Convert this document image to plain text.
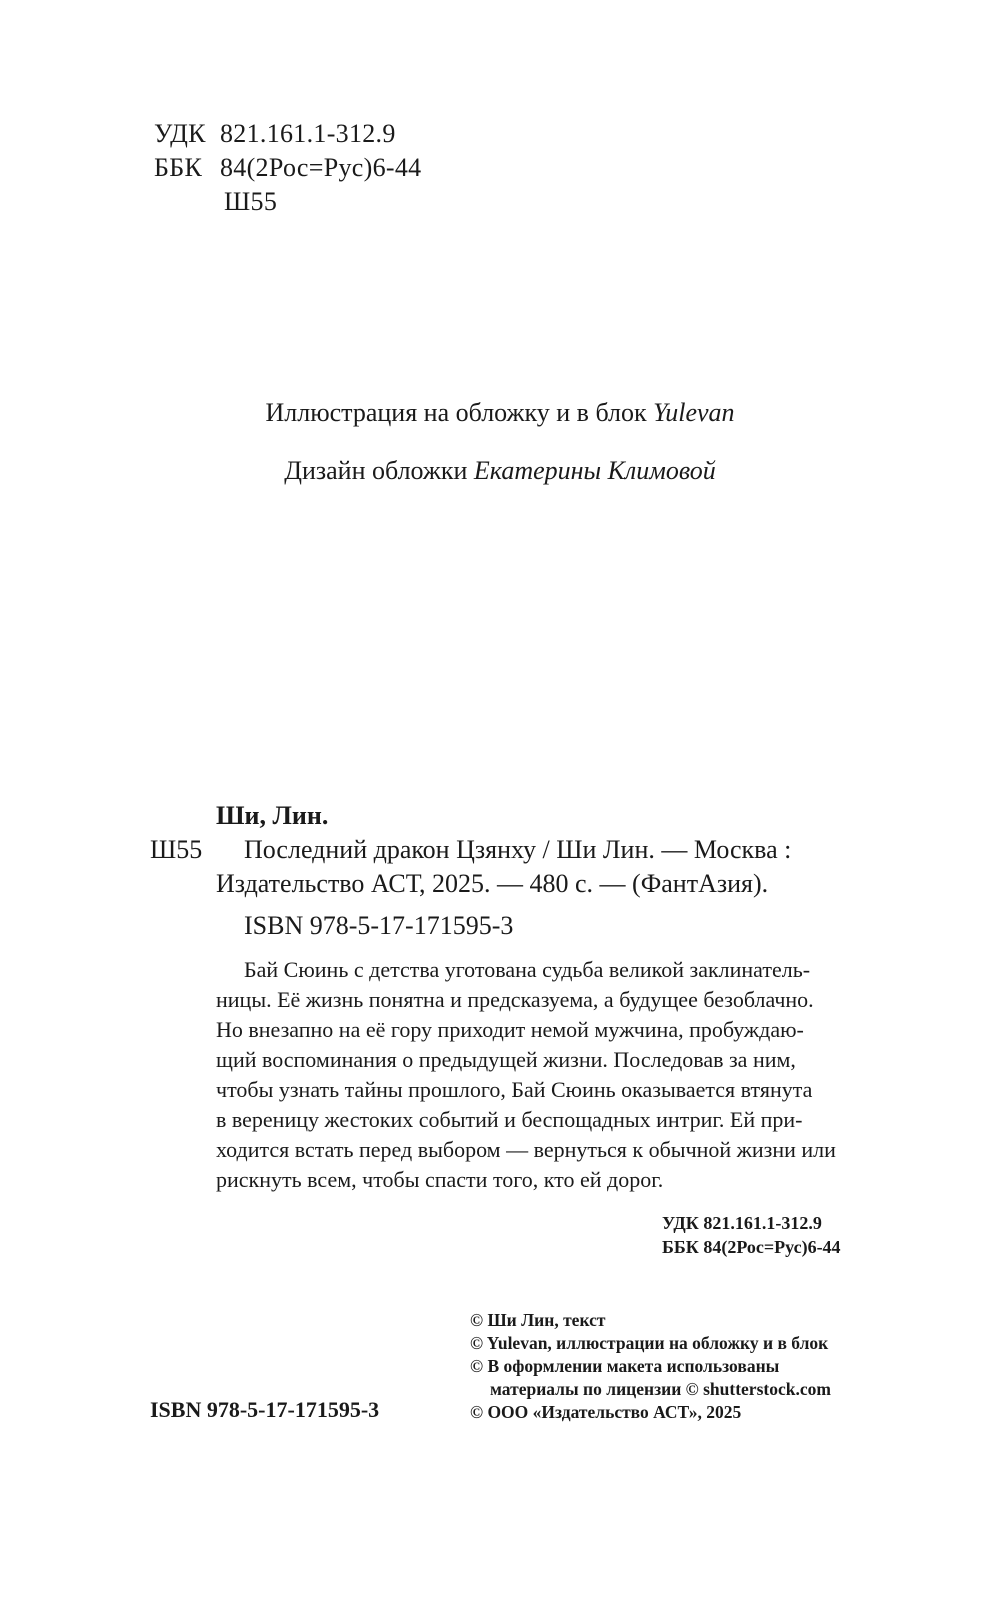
УДК 821.161.1-312.9
ББК 84(2Рос=Рус)6-44
Ш55
Иллюстрация на обложку и в блок Yulevan
Дизайн обложки Екатерины Климовой
Ши, Лин.
Ш55 Последний дракон Цзянху / Ши Лин. — Москва :
Издательство АСТ, 2025. — 480 с. — (ФантАзия).
ISBN 978-5-17-171595-3
Бай Сюинь с детства уготована судьба великой заклинатель-
ницы. Её жизнь понятна и предсказуема, а будущее безоблачно.
Но внезапно на её гору приходит немой мужчина, пробуждаю-
щий воспоминания о предыдущей жизни. Последовав за ним,
чтобы узнать тайны прошлого, Бай Сюинь оказывается втянута
в вереницу жестоких событий и беспощадных интриг. Ей при-
ходится встать перед выбором — вернуться к обычной жизни или
рискнуть всем, чтобы спасти того, кто ей дорог.
УДК 821.161.1-312.9
ББК 84(2Рос=Рус)6-44
© Ши Лин, текст
© Yulevan, иллюстрации на обложку и в блок
© В оформлении макета использованы
материалы по лицензии © shutterstock.com
© ООО «Издательство АСТ», 2025
ISBN 978-5-17-171595-3
